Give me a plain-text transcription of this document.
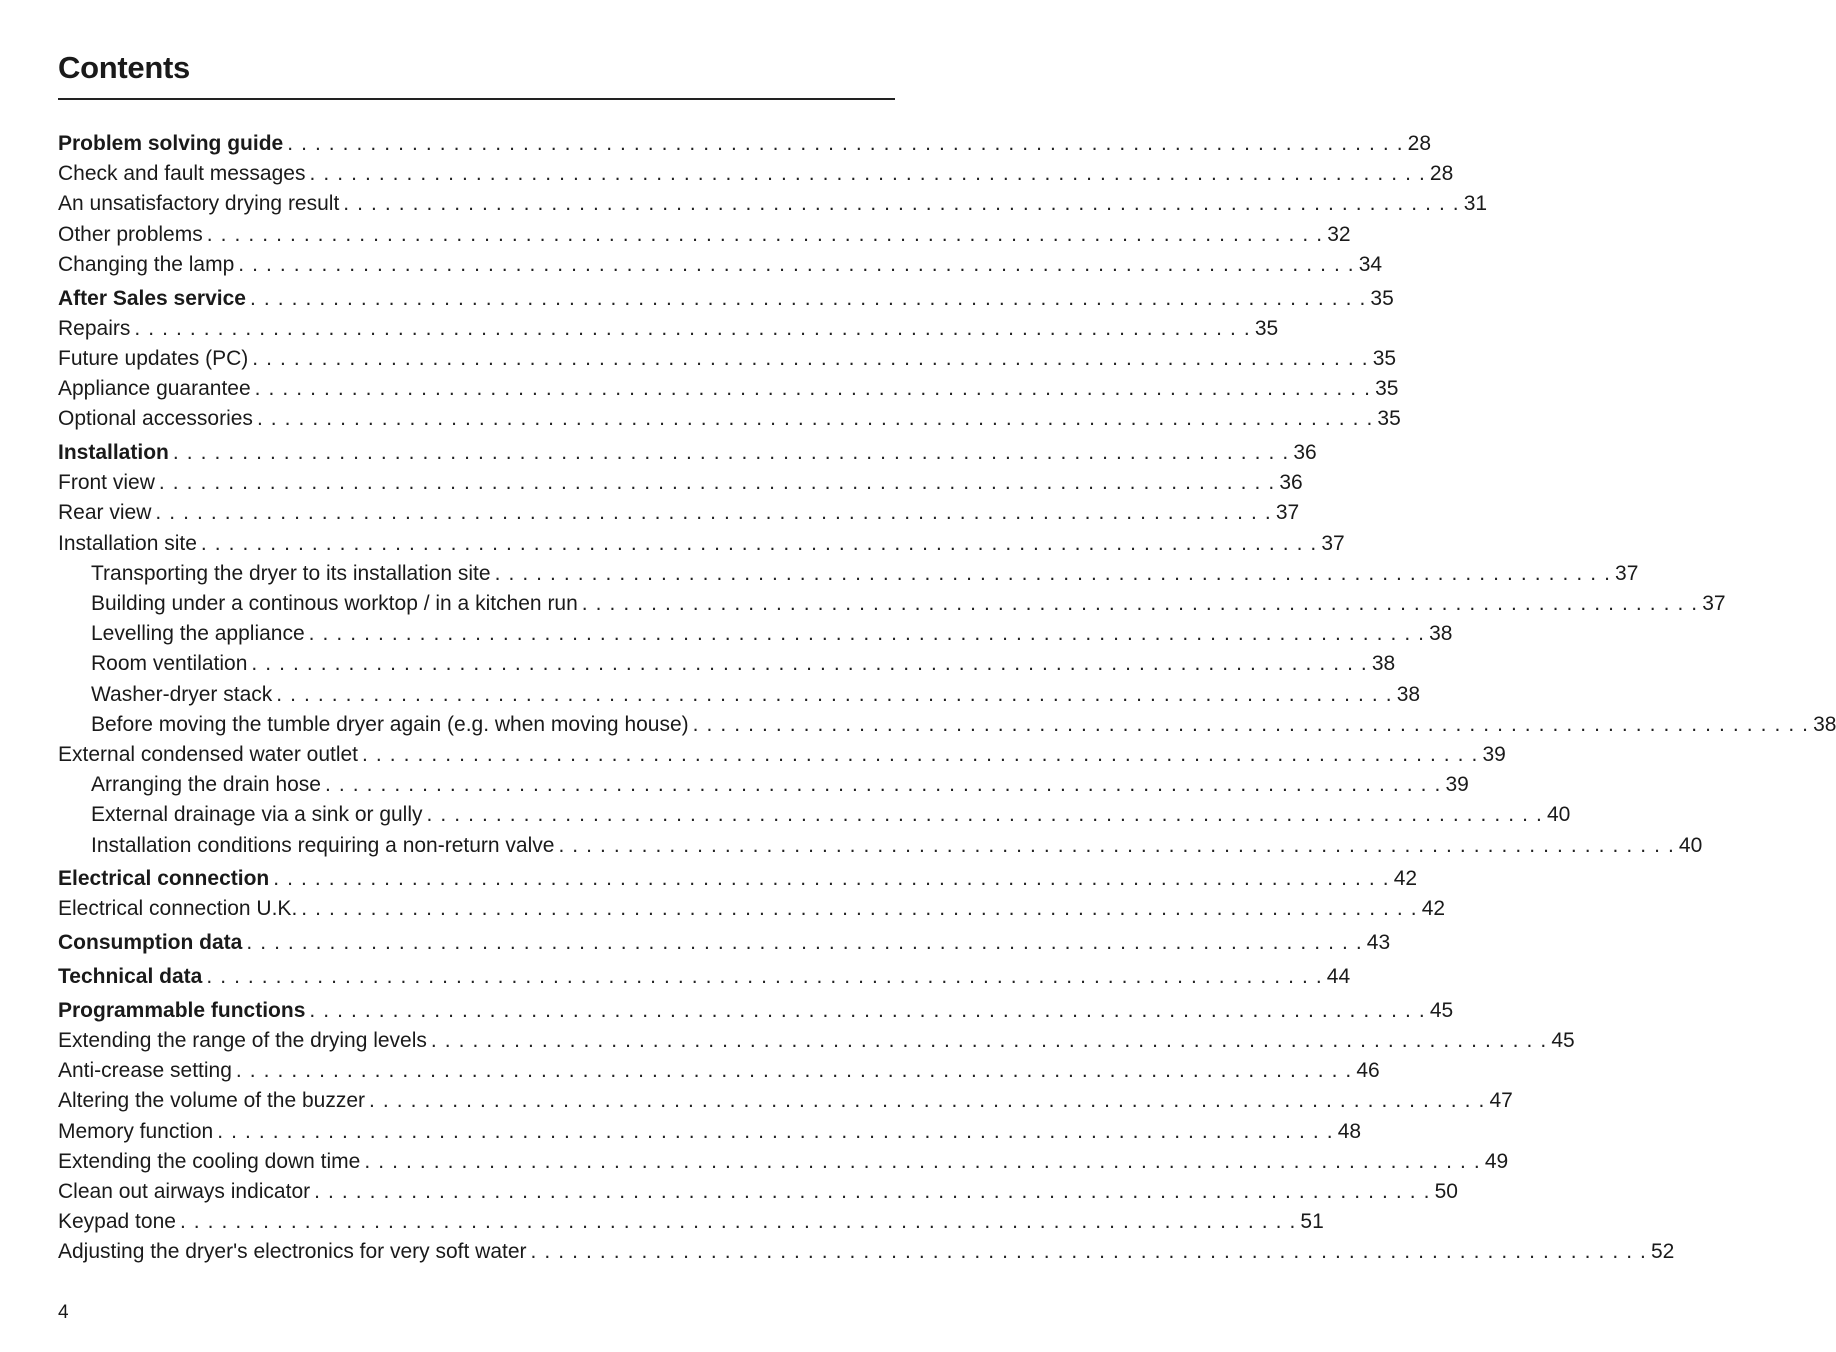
Contents
Problem solving guide . . . . . . . . . . . . . . . . . . . . . . . . . . . . . . . . . . . . . . . . . . . . . . . . . . . . . . . . . . . . . . . . . . . . . . . . . . . . . . . . . 28
Check and fault messages . . . . . . . . . . . . . . . . . . . . . . . . . . . . . . . . . . . . . . . . . . . . . . . . . . . . . . . . . . . . . . . . . . . . . . . . . . . . . . . . . 28
An unsatisfactory drying result . . . . . . . . . . . . . . . . . . . . . . . . . . . . . . . . . . . . . . . . . . . . . . . . . . . . . . . . . . . . . . . . . . . . . . . . . . . . . . . . . 31
Other problems . . . . . . . . . . . . . . . . . . . . . . . . . . . . . . . . . . . . . . . . . . . . . . . . . . . . . . . . . . . . . . . . . . . . . . . . . . . . . . . . . 32
Changing the lamp . . . . . . . . . . . . . . . . . . . . . . . . . . . . . . . . . . . . . . . . . . . . . . . . . . . . . . . . . . . . . . . . . . . . . . . . . . . . . . . . . 34
After Sales service . . . . . . . . . . . . . . . . . . . . . . . . . . . . . . . . . . . . . . . . . . . . . . . . . . . . . . . . . . . . . . . . . . . . . . . . . . . . . . . . . 35
Repairs . . . . . . . . . . . . . . . . . . . . . . . . . . . . . . . . . . . . . . . . . . . . . . . . . . . . . . . . . . . . . . . . . . . . . . . . . . . . . . . . . 35
Future updates (PC) . . . . . . . . . . . . . . . . . . . . . . . . . . . . . . . . . . . . . . . . . . . . . . . . . . . . . . . . . . . . . . . . . . . . . . . . . . . . . . . . . 35
Appliance guarantee . . . . . . . . . . . . . . . . . . . . . . . . . . . . . . . . . . . . . . . . . . . . . . . . . . . . . . . . . . . . . . . . . . . . . . . . . . . . . . . . . 35
Optional accessories . . . . . . . . . . . . . . . . . . . . . . . . . . . . . . . . . . . . . . . . . . . . . . . . . . . . . . . . . . . . . . . . . . . . . . . . . . . . . . . . . 35
Installation . . . . . . . . . . . . . . . . . . . . . . . . . . . . . . . . . . . . . . . . . . . . . . . . . . . . . . . . . . . . . . . . . . . . . . . . . . . . . . . . . 36
Front view . . . . . . . . . . . . . . . . . . . . . . . . . . . . . . . . . . . . . . . . . . . . . . . . . . . . . . . . . . . . . . . . . . . . . . . . . . . . . . . . . 36
Rear view . . . . . . . . . . . . . . . . . . . . . . . . . . . . . . . . . . . . . . . . . . . . . . . . . . . . . . . . . . . . . . . . . . . . . . . . . . . . . . . . . 37
Installation site . . . . . . . . . . . . . . . . . . . . . . . . . . . . . . . . . . . . . . . . . . . . . . . . . . . . . . . . . . . . . . . . . . . . . . . . . . . . . . . . . 37
Transporting the dryer to its installation site . . . . . . . . . . . . . . . . . . . . . . . . . . . . . . . . . . . . . . . . . . . . . . . . . . . . . . . . . . . . . . . . . . . . . . . . . . . . . . . . . 37
Building under a continous worktop / in a kitchen run . . . . . . . . . . . . . . . . . . . . . . . . . . . . . . . . . . . . . . . . . . . . . . . . . . . . . . . . . . . . . . . . . . . . . . . . . . . . . . . . . 37
Levelling the appliance . . . . . . . . . . . . . . . . . . . . . . . . . . . . . . . . . . . . . . . . . . . . . . . . . . . . . . . . . . . . . . . . . . . . . . . . . . . . . . . . . 38
Room ventilation . . . . . . . . . . . . . . . . . . . . . . . . . . . . . . . . . . . . . . . . . . . . . . . . . . . . . . . . . . . . . . . . . . . . . . . . . . . . . . . . . 38
Washer-dryer stack . . . . . . . . . . . . . . . . . . . . . . . . . . . . . . . . . . . . . . . . . . . . . . . . . . . . . . . . . . . . . . . . . . . . . . . . . . . . . . . . . 38
Before moving the tumble dryer again (e.g. when moving house) . . . . . . . . . . . . . . . . . . . . . . . . . . . . . . . . . . . . . . . . . . . . . . . . . . . . . . . . . . . . . . . . . . . . . . . . . . . . . . . . . 38
External condensed water outlet . . . . . . . . . . . . . . . . . . . . . . . . . . . . . . . . . . . . . . . . . . . . . . . . . . . . . . . . . . . . . . . . . . . . . . . . . . . . . . . . . 39
Arranging the drain hose . . . . . . . . . . . . . . . . . . . . . . . . . . . . . . . . . . . . . . . . . . . . . . . . . . . . . . . . . . . . . . . . . . . . . . . . . . . . . . . . . 39
External drainage via a sink or gully . . . . . . . . . . . . . . . . . . . . . . . . . . . . . . . . . . . . . . . . . . . . . . . . . . . . . . . . . . . . . . . . . . . . . . . . . . . . . . . . . 40
Installation conditions requiring a non-return valve . . . . . . . . . . . . . . . . . . . . . . . . . . . . . . . . . . . . . . . . . . . . . . . . . . . . . . . . . . . . . . . . . . . . . . . . . . . . . . . . . 40
Electrical connection . . . . . . . . . . . . . . . . . . . . . . . . . . . . . . . . . . . . . . . . . . . . . . . . . . . . . . . . . . . . . . . . . . . . . . . . . . . . . . . . . 42
Electrical connection U.K. . . . . . . . . . . . . . . . . . . . . . . . . . . . . . . . . . . . . . . . . . . . . . . . . . . . . . . . . . . . . . . . . . . . . . . . . . . . . . . . . . 42
Consumption data . . . . . . . . . . . . . . . . . . . . . . . . . . . . . . . . . . . . . . . . . . . . . . . . . . . . . . . . . . . . . . . . . . . . . . . . . . . . . . . . . 43
Technical data . . . . . . . . . . . . . . . . . . . . . . . . . . . . . . . . . . . . . . . . . . . . . . . . . . . . . . . . . . . . . . . . . . . . . . . . . . . . . . . . . 44
Programmable functions . . . . . . . . . . . . . . . . . . . . . . . . . . . . . . . . . . . . . . . . . . . . . . . . . . . . . . . . . . . . . . . . . . . . . . . . . . . . . . . . . 45
Extending the range of the drying levels . . . . . . . . . . . . . . . . . . . . . . . . . . . . . . . . . . . . . . . . . . . . . . . . . . . . . . . . . . . . . . . . . . . . . . . . . . . . . . . . . 45
Anti-crease setting . . . . . . . . . . . . . . . . . . . . . . . . . . . . . . . . . . . . . . . . . . . . . . . . . . . . . . . . . . . . . . . . . . . . . . . . . . . . . . . . . 46
Altering the volume of the buzzer . . . . . . . . . . . . . . . . . . . . . . . . . . . . . . . . . . . . . . . . . . . . . . . . . . . . . . . . . . . . . . . . . . . . . . . . . . . . . . . . . 47
Memory function . . . . . . . . . . . . . . . . . . . . . . . . . . . . . . . . . . . . . . . . . . . . . . . . . . . . . . . . . . . . . . . . . . . . . . . . . . . . . . . . . 48
Extending the cooling down time . . . . . . . . . . . . . . . . . . . . . . . . . . . . . . . . . . . . . . . . . . . . . . . . . . . . . . . . . . . . . . . . . . . . . . . . . . . . . . . . . 49
Clean out airways indicator . . . . . . . . . . . . . . . . . . . . . . . . . . . . . . . . . . . . . . . . . . . . . . . . . . . . . . . . . . . . . . . . . . . . . . . . . . . . . . . . . 50
Keypad tone . . . . . . . . . . . . . . . . . . . . . . . . . . . . . . . . . . . . . . . . . . . . . . . . . . . . . . . . . . . . . . . . . . . . . . . . . . . . . . . . . 51
Adjusting the dryer's electronics for very soft water . . . . . . . . . . . . . . . . . . . . . . . . . . . . . . . . . . . . . . . . . . . . . . . . . . . . . . . . . . . . . . . . . . . . . . . . . . . . . . . . . 52
4
